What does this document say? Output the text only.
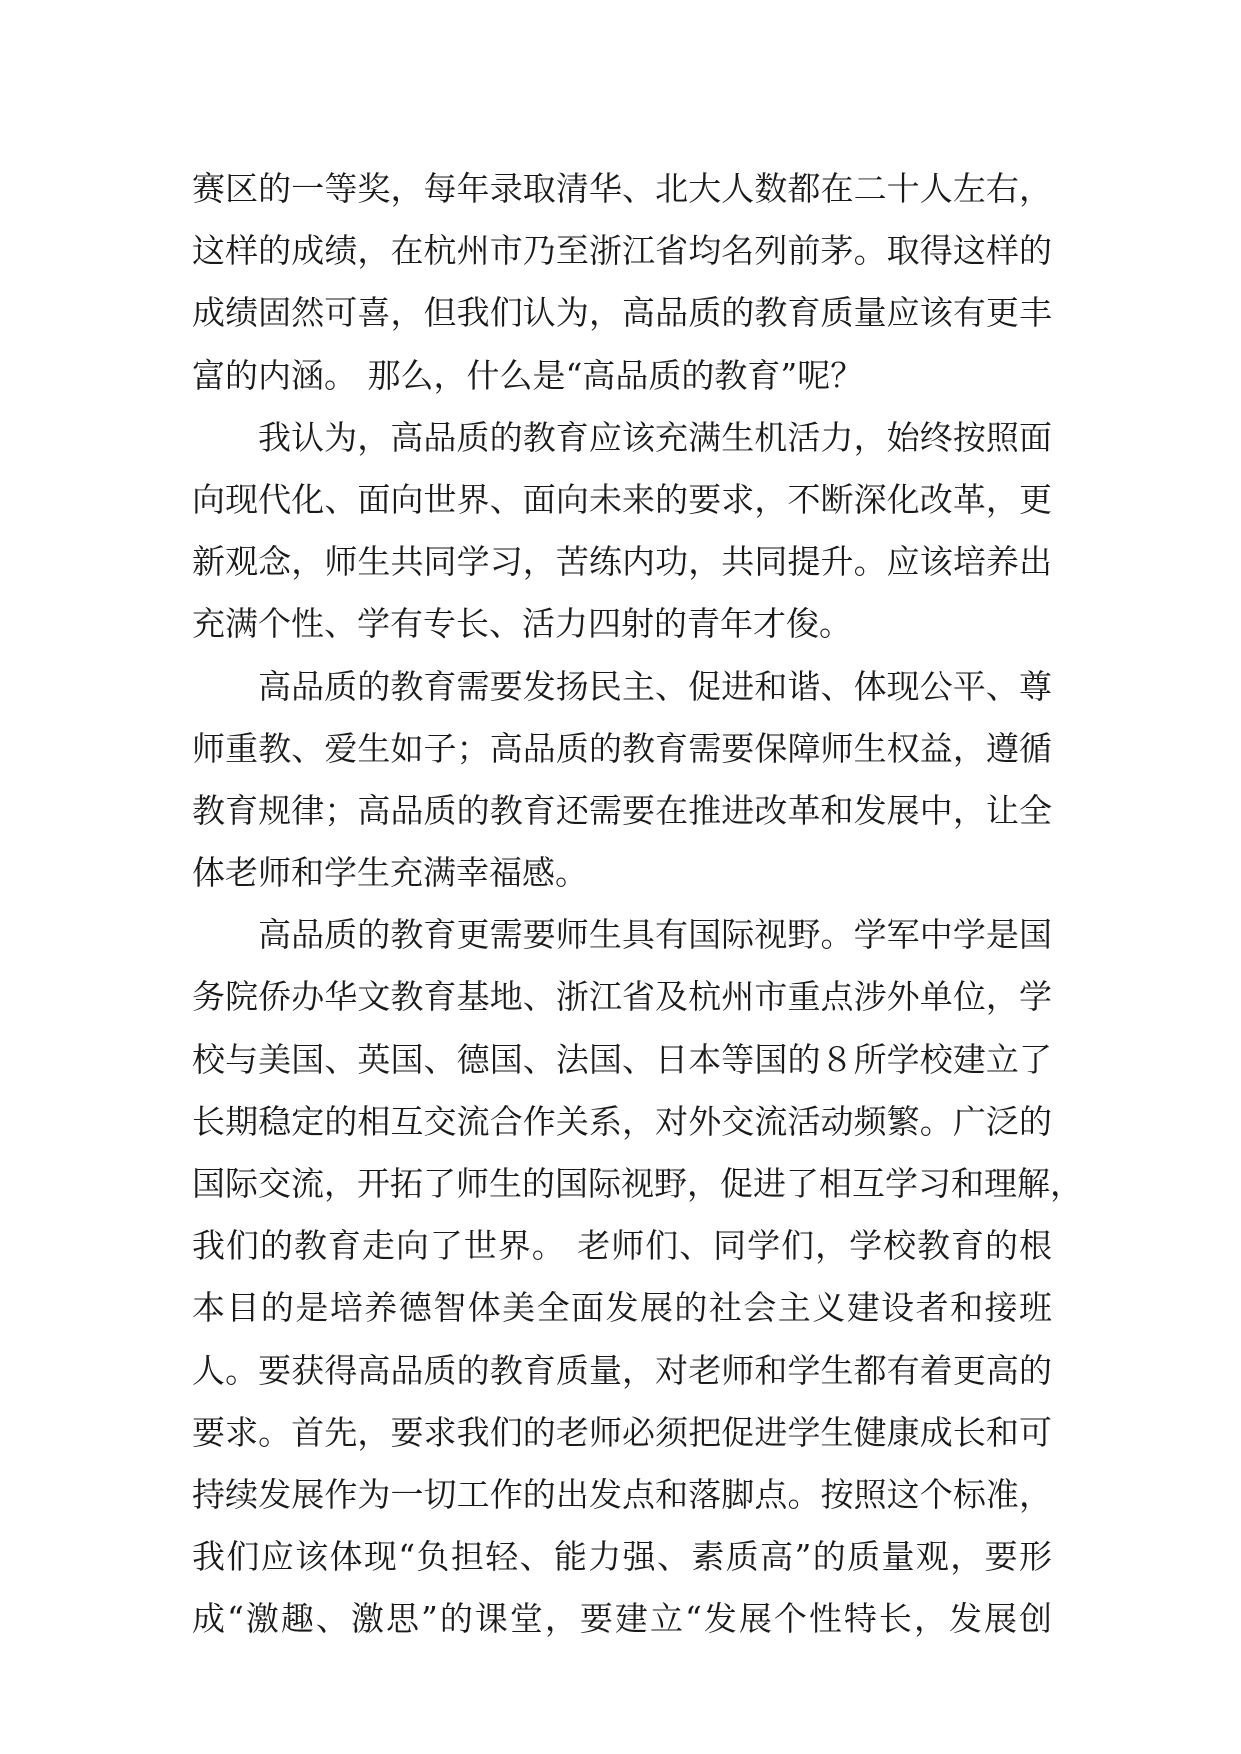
赛区的一等奖，每年录取清华、北大人数都在二十人左右，
这样的成绩，在杭州市乃至浙江省均名列前茅。取得这样的
成绩固然可喜，但我们认为，高品质的教育质量应该有更丰
富的内涵。 那么，什么是“高品质的教育”呢？
我认为，高品质的教育应该充满生机活力，始终按照面
向现代化、面向世界、面向未来的要求，不断深化改革，更
新观念，师生共同学习，苦练内功，共同提升。应该培养出
充满个性、学有专长、活力四射的青年才俊。
高品质的教育需要发扬民主、促进和谐、体现公平、尊
师重教、爱生如子；高品质的教育需要保障师生权益，遵循
教育规律；高品质的教育还需要在推进改革和发展中，让全
体老师和学生充满幸福感。
高品质的教育更需要师生具有国际视野。学军中学是国
务院侨办华文教育基地、浙江省及杭州市重点涉外单位，学
校与美国、英国、德国、法国、日本等国的８所学校建立了
长期稳定的相互交流合作关系，对外交流活动频繁。广泛的
国际交流，开拓了师生的国际视野，促进了相互学习和理解，
我们的教育走向了世界。 老师们、同学们，学校教育的根
本目的是培养德智体美全面发展的社会主义建设者和接班
人。要获得高品质的教育质量，对老师和学生都有着更高的
要求。首先，要求我们的老师必须把促进学生健康成长和可
持续发展作为一切工作的出发点和落脚点。按照这个标准，
我们应该体现“负担轻、能力强、素质高”的质量观，要形
成“激趣、激思”的课堂，要建立“发展个性特长，发展创
